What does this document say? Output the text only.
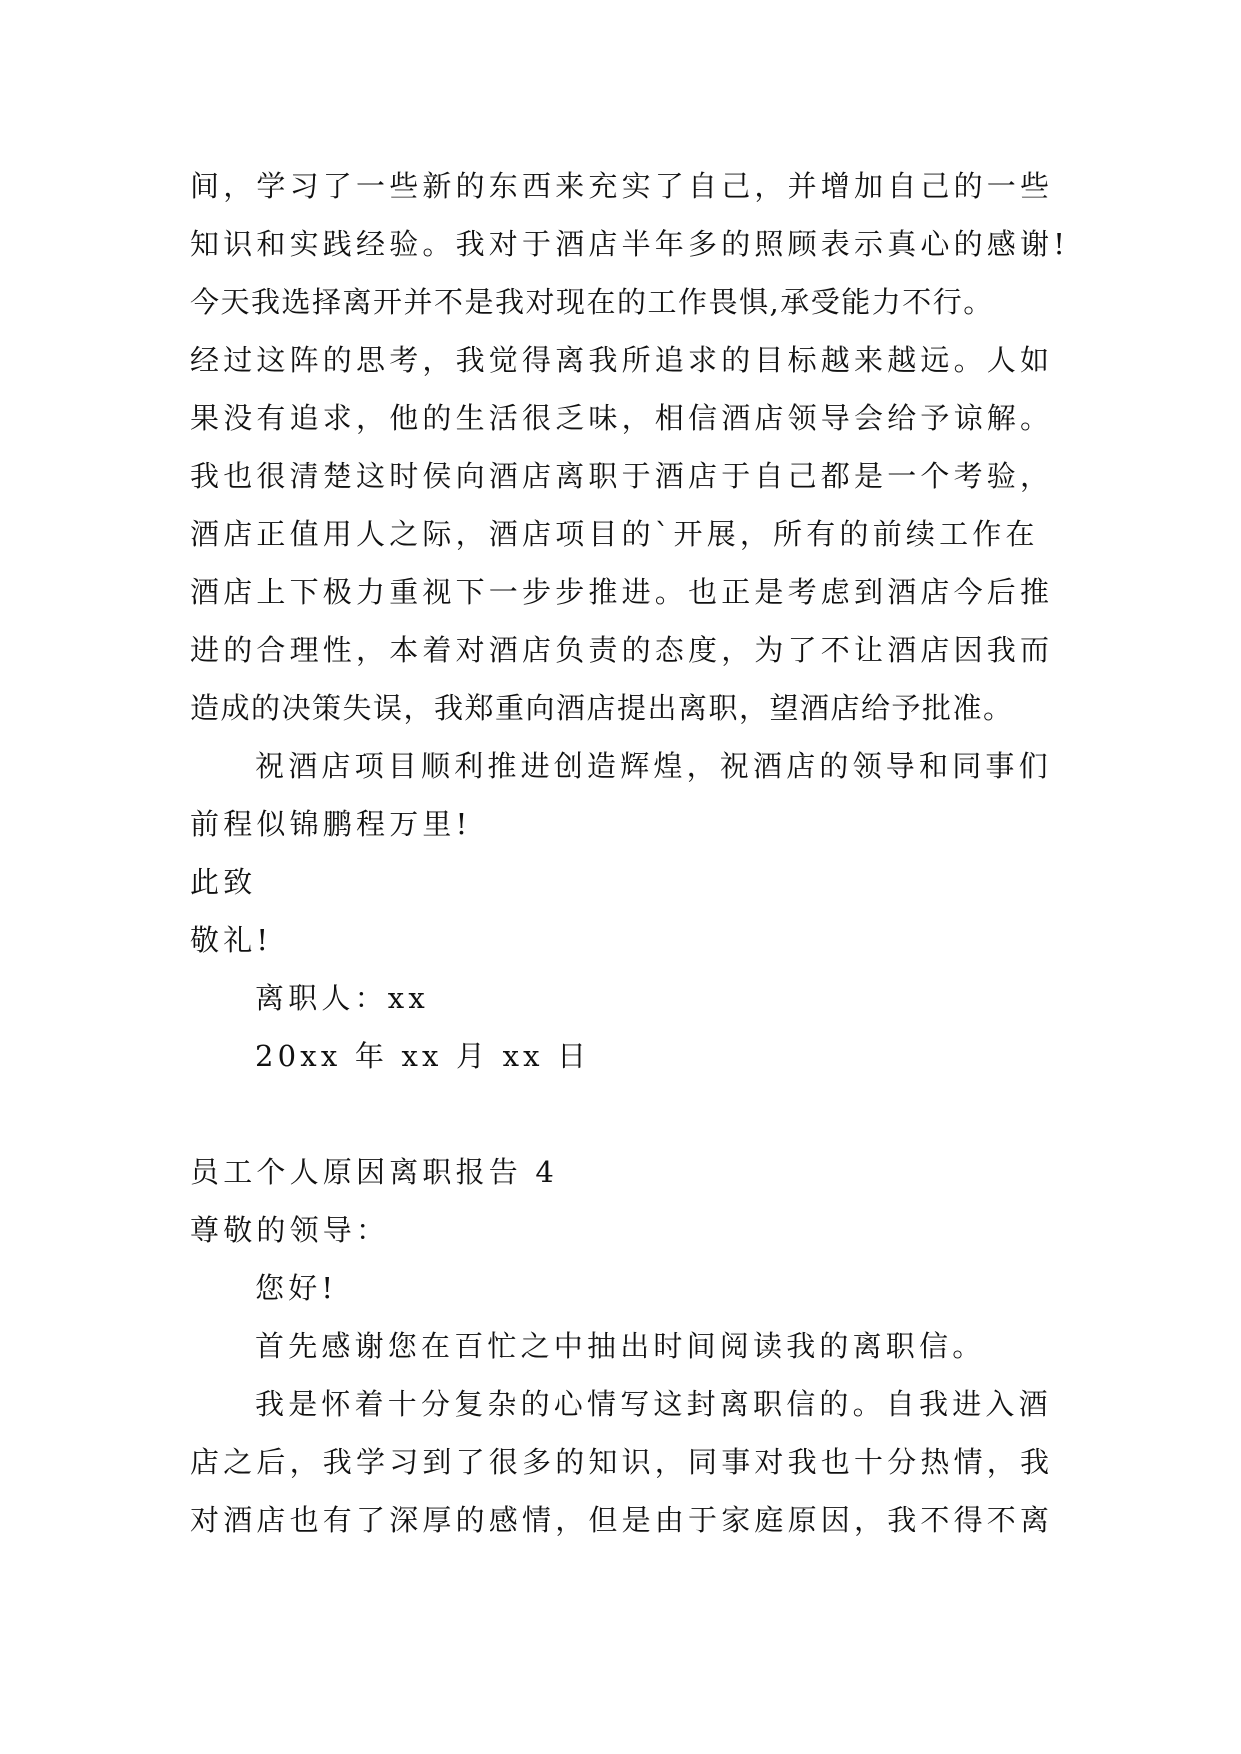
间，学习了一些新的东西来充实了自己，并增加自己的一些
知识和实践经验。我对于酒店半年多的照顾表示真心的感谢!
今天我选择离开并不是我对现在的工作畏惧,承受能力不行。
经过这阵的思考，我觉得离我所追求的目标越来越远。人如
果没有追求，他的生活很乏味，相信酒店领导会给予谅解。
我也很清楚这时侯向酒店离职于酒店于自己都是一个考验，
酒店正值用人之际，酒店项目的`开展，所有的前续工作在
酒店上下极力重视下一步步推进。也正是考虑到酒店今后推
进的合理性，本着对酒店负责的态度，为了不让酒店因我而
造成的决策失误，我郑重向酒店提出离职，望酒店给予批准。
祝酒店项目顺利推进创造辉煌，祝酒店的领导和同事们
前程似锦鹏程万里!
此致
敬礼!
离职人：xx
20xx 年 xx 月 xx 日
员工个人原因离职报告 4
尊敬的领导：
您好!
首先感谢您在百忙之中抽出时间阅读我的离职信。
我是怀着十分复杂的心情写这封离职信的。自我进入酒
店之后，我学习到了很多的知识，同事对我也十分热情，我
对酒店也有了深厚的感情，但是由于家庭原因，我不得不离
